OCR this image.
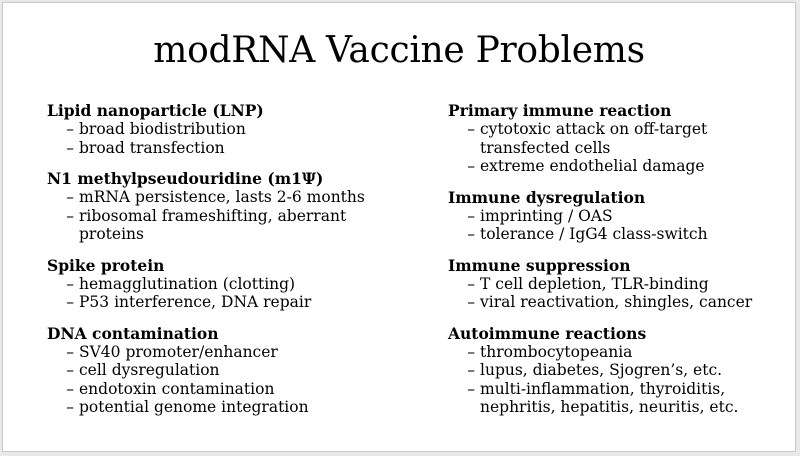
modRNA Vaccine Problems

Lipid nanoparticle (LNP)

– broad biodistribution
– broad transfection

N1 methylpseudouridine (m1Ψ)

– mRNA persistence, lasts 2-6 months
– ribosomal frameshifting, aberrant proteins

Spike protein

– hemagglutination (clotting)
– P53 interference, DNA repair

DNA contamination

– SV40 promoter/enhancer
– cell dysregulation
– endotoxin contamination
– potential genome integration

Primary immune reaction

– cytotoxic attack on off-target transfected cells
– extreme endothelial damage

Immune dysregulation

– imprinting / OAS
– tolerance / IgG4 class-switch

Immune suppression

– T cell depletion, TLR-binding
– viral reactivation, shingles, cancer

Autoimmune reactions

– thrombocytopeania
– lupus, diabetes, Sjogren’s, etc.
– multi-inflammation, thyroiditis, nephritis, hepatitis, neuritis, etc.
